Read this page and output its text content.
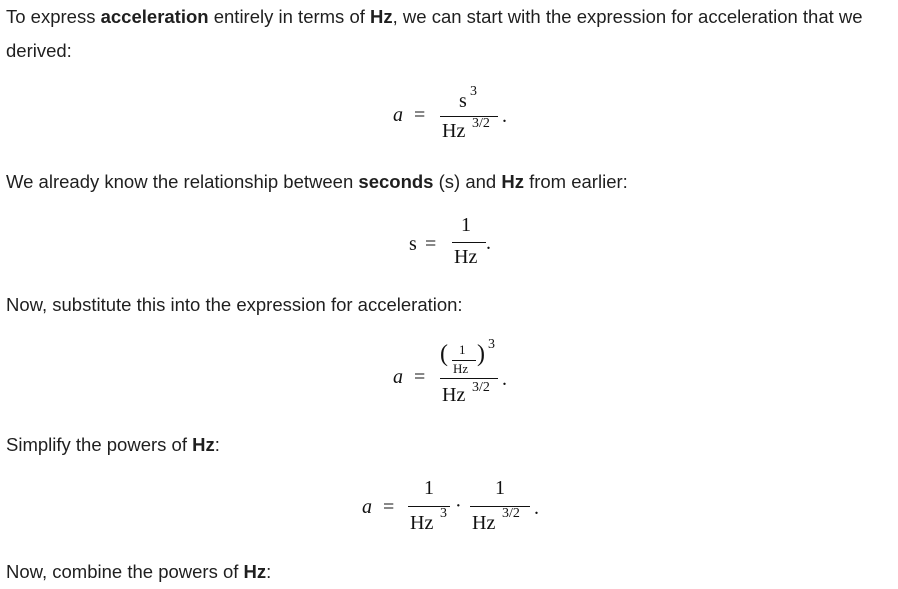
To express acceleration entirely in terms of Hz, we can start with the expression for acceleration that we derived:

a =
s 3
Hz 3/2 .

We already know the relationship between seconds (s) and Hz from earlier:

s =
1
Hz
.

Now, substitute this into the expression for acceleration:

a =
( 1
Hz
) 3
Hz 3/2 .

Simplify the powers of Hz:

a =
1
Hz 3 ·
1
Hz 3/2 .

Now, combine the powers of Hz:
